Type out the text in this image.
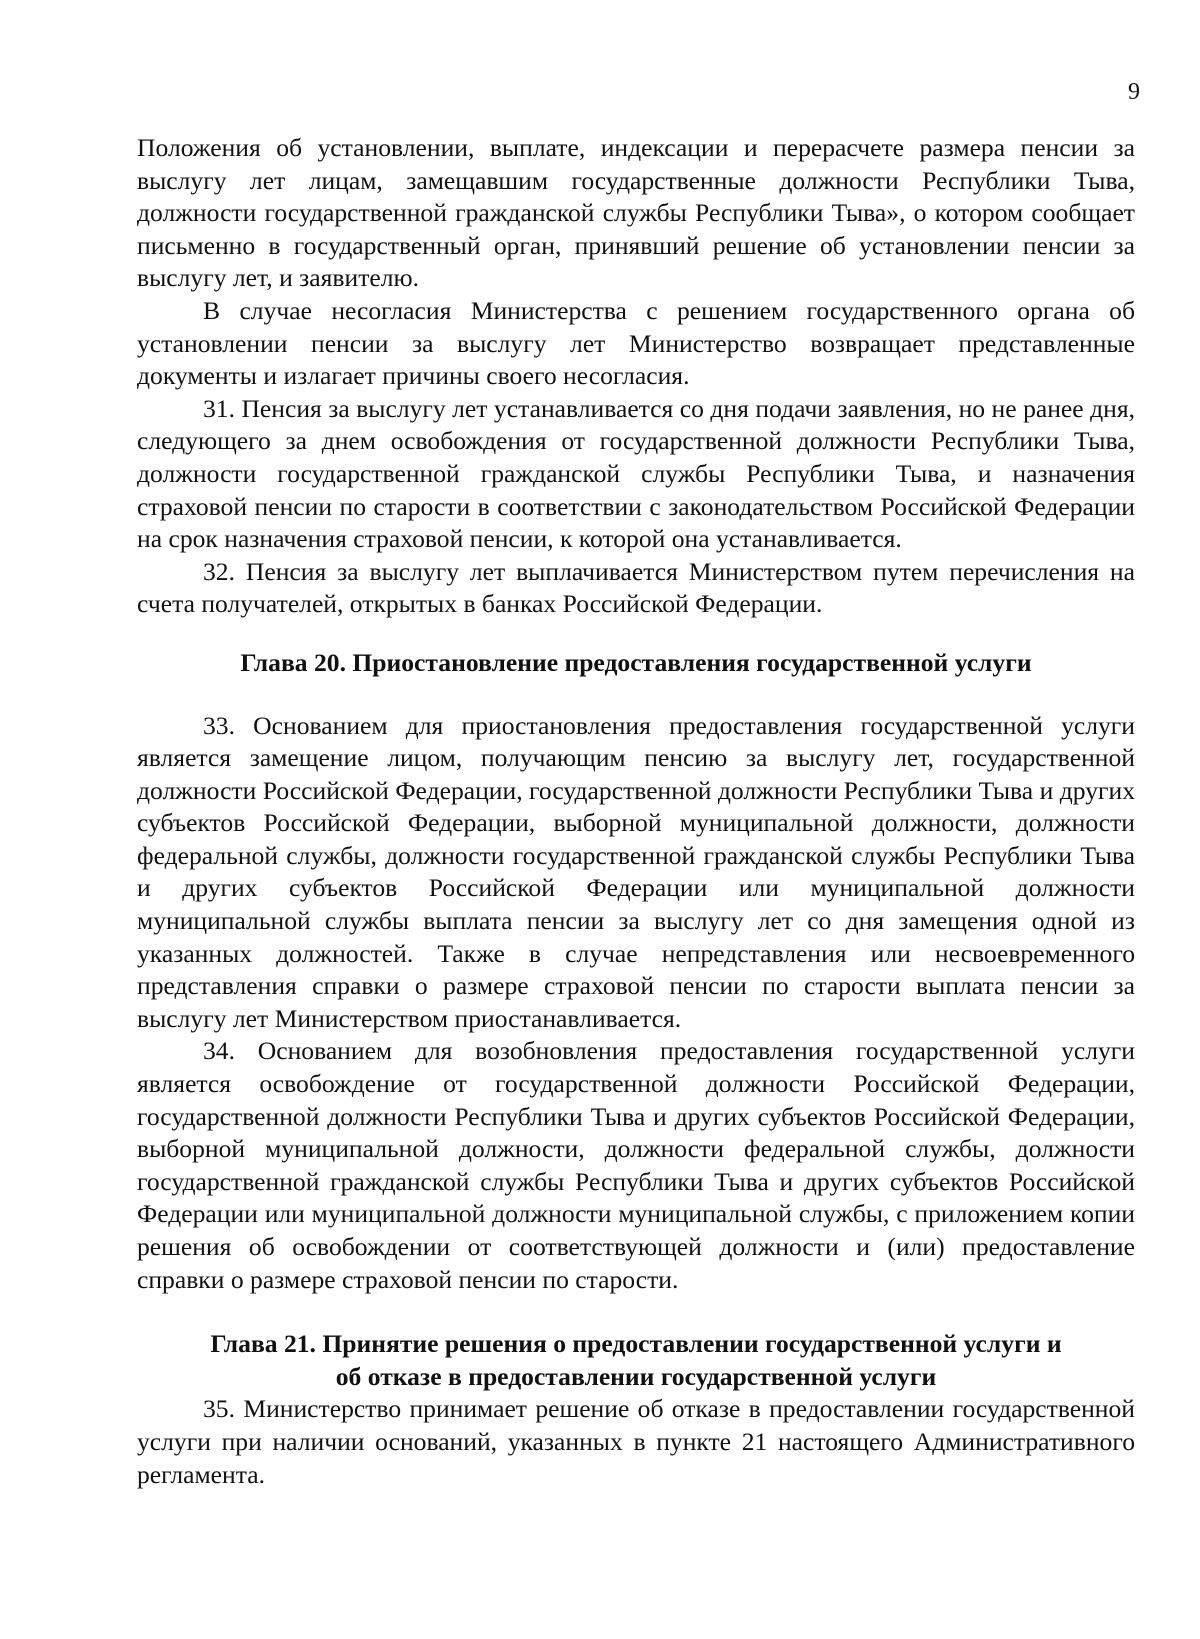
9

Положения об установлении, выплате, индексации и перерасчете размера пенсии за выслугу лет лицам, замещавшим государственные должности Республики Тыва, должности государственной гражданской службы Республики Тыва», о котором сообщает письменно в государственный орган, принявший решение об установлении пенсии за выслугу лет, и заявителю.

В случае несогласия Министерства с решением государственного органа об установлении пенсии за выслугу лет Министерство возвращает представленные документы и излагает причины своего несогласия.

31. Пенсия за выслугу лет устанавливается со дня подачи заявления, но не ранее дня, следующего за днем освобождения от государственной должности Республики Тыва, должности государственной гражданской службы Республики Тыва, и назначения страховой пенсии по старости в соответствии с законодательством Российской Федерации на срок назначения страховой пенсии, к которой она устанавливается.

32. Пенсия за выслугу лет выплачивается Министерством путем перечисления на счета получателей, открытых в банках Российской Федерации.

Глава 20. Приостановление предоставления государственной услуги

33. Основанием для приостановления предоставления государственной услуги является замещение лицом, получающим пенсию за выслугу лет, государственной должности Российской Федерации, государственной должности Республики Тыва и других субъектов Российской Федерации, выборной муниципальной должности, должности федеральной службы, должности государственной гражданской службы Республики Тыва и других субъектов Российской Федерации или муниципальной должности муниципальной службы выплата пенсии за выслугу лет со дня замещения одной из указанных должностей. Также в случае непредставления или несвоевременного представления справки о размере страховой пенсии по старости выплата пенсии за выслугу лет Министерством приостанавливается.

34. Основанием для возобновления предоставления государственной услуги является освобождение от государственной должности Российской Федерации, государственной должности Республики Тыва и других субъектов Российской Федерации, выборной муниципальной должности, должности федеральной службы, должности государственной гражданской службы Республики Тыва и других субъектов Российской Федерации или муниципальной должности муниципальной службы, с приложением копии решения об освобождении от соответствующей должности и (или) предоставление справки о размере страховой пенсии по старости.

Глава 21. Принятие решения о предоставлении государственной услуги и
об отказе в предоставлении государственной услуги

35. Министерство принимает решение об отказе в предоставлении государственной услуги при наличии оснований, указанных в пункте 21 настоящего Административного регламента.
